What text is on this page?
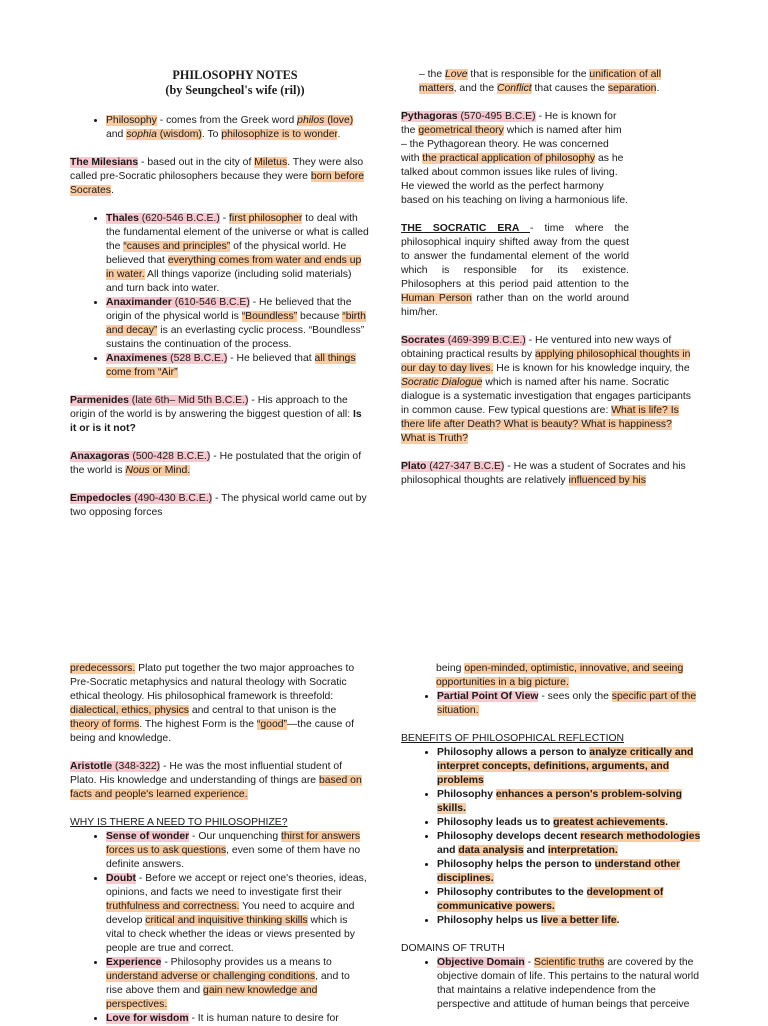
PHILOSOPHY NOTES
(by Seungcheol's wife (ril))
• Philosophy - comes from the Greek word philos (love)
and sophia (wisdom). To philosophize is to wonder.

The Milesians - based out in the city of Miletus. They were also called pre-Socratic philosophers because they were born before Socrates.

• Thales (620-546 B.C.E.) - first philosopher to deal with the fundamental element of the universe or what is called the “causes and principles” of the physical world. He believed that everything comes from water and ends up in water. All things vaporize (including solid materials) and turn back into water.
• Anaximander (610-546 B.C.E) - He believed that the origin of the physical world is “Boundless” because “birth and decay” is an everlasting cyclic process. “Boundless” sustains the continuation of the process.
• Anaximenes (528 B.C.E.) - He believed that all things come from “Air”

Parmenides (late 6th– Mid 5th B.C.E.) - His approach to the origin of the world is by answering the biggest question of all: Is it or is it not?

Anaxagoras (500-428 B.C.E.) - He postulated that the origin of the world is Nous or Mind.

Empedocles (490-430 B.C.E.) - The physical world came out by two opposing forces

– the Love that is responsible for the unification of all matters, and the Conflict that causes the separation.

Pythagoras (570-495 B.C.E) - He is known for the geometrical theory which is named after him – the Pythagorean theory. He was concerned with the practical application of philosophy as he talked about common issues like rules of living. He viewed the world as the perfect harmony based on his teaching on living a harmonious life.

THE SOCRATIC ERA - time where the philosophical inquiry shifted away from the quest to answer the fundamental element of the world which is responsible for its existence. Philosophers at this period paid attention to the Human Person rather than on the world around him/her.

Socrates (469-399 B.C.E.) - He ventured into new ways of obtaining practical results by applying philosophical thoughts in our day to day lives. He is known for his knowledge inquiry, the Socratic Dialogue which is named after his name. Socratic dialogue is a systematic investigation that engages participants in common cause. Few typical questions are: What is life? Is there life after Death? What is beauty? What is happiness? What is Truth?

Plato (427-347 B.C.E) - He was a student of Socrates and his philosophical thoughts are relatively influenced by his

predecessors. Plato put together the two major approaches to Pre-Socratic metaphysics and natural theology with Socratic ethical theology. His philosophical framework is threefold: dialectical, ethics, physics and central to that unison is the theory of forms. The highest Form is the “good”—the cause of being and knowledge.

Aristotle (348-322) - He was the most influential student of Plato. His knowledge and understanding of things are based on facts and people's learned experience.

WHY IS THERE A NEED TO PHILOSOPHIZE?

• Sense of wonder - Our unquenching thirst for answers forces us to ask questions, even some of them have no definite answers.
• Doubt - Before we accept or reject one's theories, ideas, opinions, and facts we need to investigate first their truthfulness and correctness. You need to acquire and develop critical and inquisitive thinking skills which is vital to check whether the ideas or views presented by people are true and correct.
• Experience - Philosophy provides us a means to understand adverse or challenging conditions, and to rise above them and gain new knowledge and perspectives.
• Love for wisdom - It is human nature to desire for

being open-minded, optimistic, innovative, and seeing opportunities in a big picture.

• Partial Point Of View - sees only the specific part of the situation.

BENEFITS OF PHILOSOPHICAL REFLECTION

• Philosophy allows a person to analyze critically and interpret concepts, definitions, arguments, and problems
• Philosophy enhances a person's problem-solving skills.
• Philosophy leads us to greatest achievements.
• Philosophy develops decent research methodologies and data analysis and interpretation.
• Philosophy helps the person to understand other disciplines.
• Philosophy contributes to the development of communicative powers.
• Philosophy helps us live a better life.

DOMAINS OF TRUTH

• Objective Domain - Scientific truths are covered by the objective domain of life. This pertains to the natural world that maintains a relative independence from the perspective and attitude of human beings that perceive
